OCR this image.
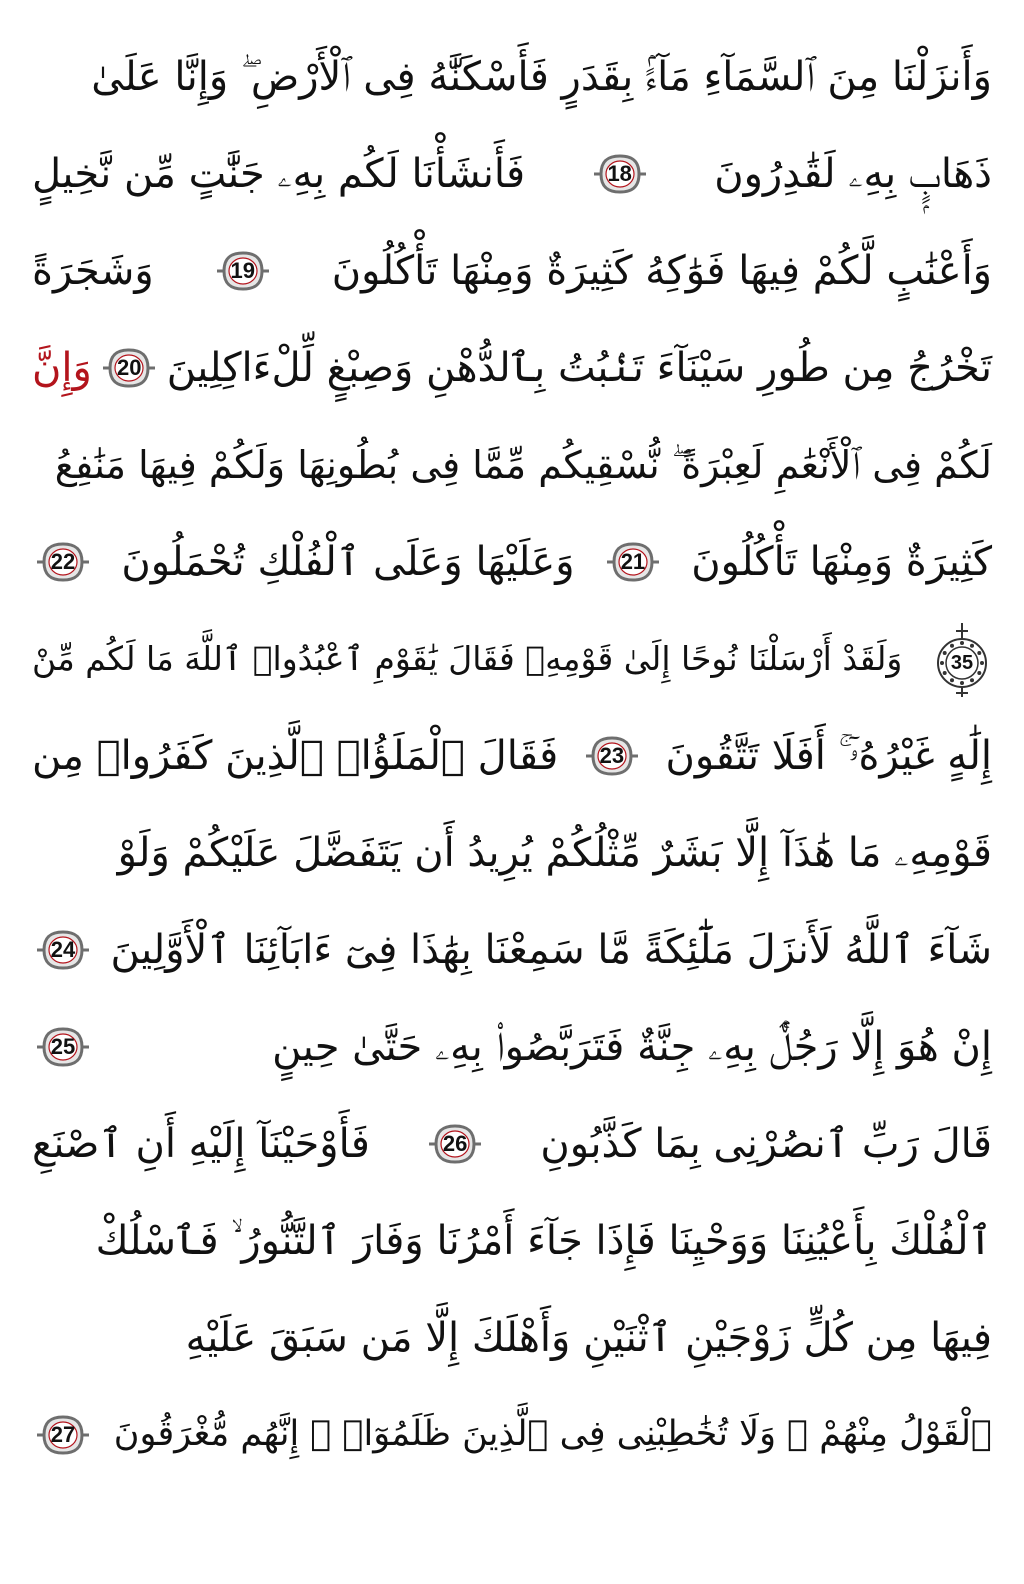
وَأَنزَلْنَا مِنَ ٱلسَّمَآءِ مَآءًۢ بِقَدَرٍ فَأَسْكَنَّٰهُ فِى ٱلْأَرْضِ ۖ وَإِنَّا عَلَىٰ
ذَهَابٍۭ بِهِۦ لَقَٰدِرُونَ
18
فَأَنشَأْنَا لَكُم بِهِۦ جَنَّٰتٍ مِّن نَّخِيلٍ
وَأَعْنَٰبٍ لَّكُمْ فِيهَا فَوَٰكِهُ كَثِيرَةٌ وَمِنْهَا تَأْكُلُونَ
19
وَشَجَرَةً
تَخْرُجُ مِن طُورِ سَيْنَآءَ تَنۢبُتُ بِٱلدُّهْنِ وَصِبْغٍ لِّلْءَاكِلِينَ
20
وَإِنَّ
لَكُمْ فِى ٱلْأَنْعَٰمِ لَعِبْرَةً ۖ نُّسْقِيكُم مِّمَّا فِى بُطُونِهَا وَلَكُمْ فِيهَا مَنَٰفِعُ
كَثِيرَةٌ وَمِنْهَا تَأْكُلُونَ
21
وَعَلَيْهَا وَعَلَى ٱلْفُلْكِ تُحْمَلُونَ
22
35
وَلَقَدْ أَرْسَلْنَا نُوحًا إِلَىٰ قَوْمِهِۦ فَقَالَ يَٰقَوْمِ ٱعْبُدُوا۟ ٱللَّهَ مَا لَكُم مِّنْ
إِلَٰهٍ غَيْرُهُۥٓ ۚ أَفَلَا تَتَّقُونَ
23
فَقَالَ ٱلْمَلَؤُا۟ ٱلَّذِينَ كَفَرُوا۟ مِن
قَوْمِهِۦ مَا هَٰذَآ إِلَّا بَشَرٌ مِّثْلُكُمْ يُرِيدُ أَن يَتَفَضَّلَ عَلَيْكُمْ وَلَوْ
شَآءَ ٱللَّهُ لَأَنزَلَ مَلَٰٓئِكَةً مَّا سَمِعْنَا بِهَٰذَا فِىٓ ءَابَآئِنَا ٱلْأَوَّلِينَ
24
إِنْ هُوَ إِلَّا رَجُلٌۢ بِهِۦ جِنَّةٌ فَتَرَبَّصُوا۟ بِهِۦ حَتَّىٰ حِينٍ
25
قَالَ رَبِّ ٱنصُرْنِى بِمَا كَذَّبُونِ
26
فَأَوْحَيْنَآ إِلَيْهِ أَنِ ٱصْنَعِ
ٱلْفُلْكَ بِأَعْيُنِنَا وَوَحْيِنَا فَإِذَا جَآءَ أَمْرُنَا وَفَارَ ٱلتَّنُّورُ ۙ فَٱسْلُكْ
فِيهَا مِن كُلٍّ زَوْجَيْنِ ٱثْنَيْنِ وَأَهْلَكَ إِلَّا مَن سَبَقَ عَلَيْهِ
ٱلْقَوْلُ مِنْهُمْ ۖ وَلَا تُخَٰطِبْنِى فِى ٱلَّذِينَ ظَلَمُوٓا۟ ۖ إِنَّهُم مُّغْرَقُونَ
27
